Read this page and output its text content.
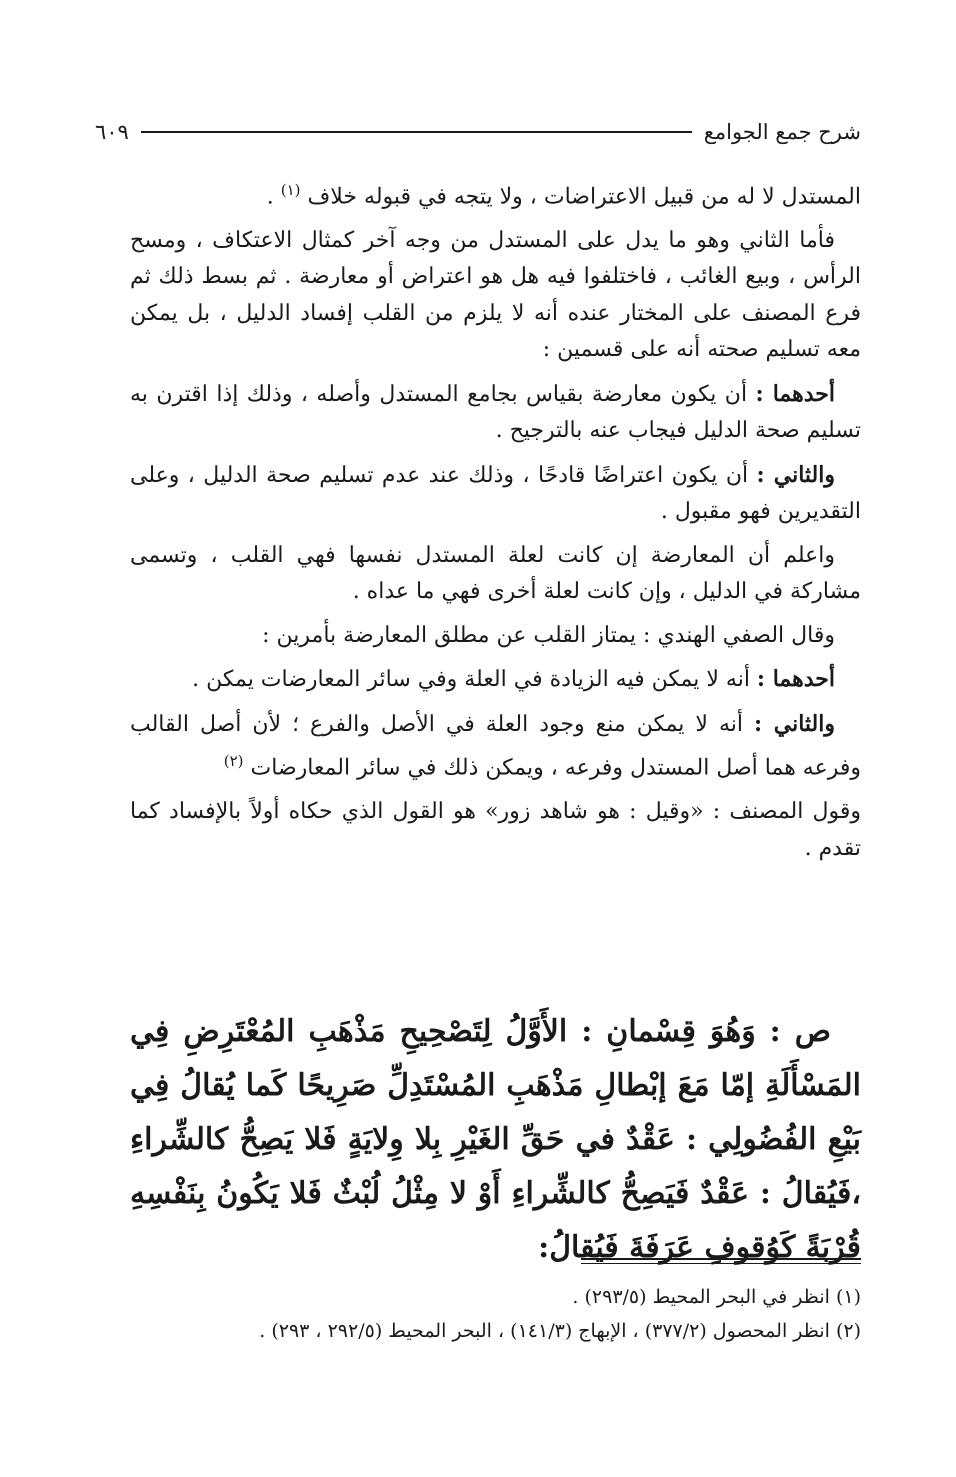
شرح جمع الجوامع
٦٠٩

المستدل لا له من قبيل الاعتراضات ، ولا يتجه في قبوله خلاف $^{(١)}$ .

فأما الثاني وهو ما يدل على المستدل من وجه آخر كمثال الاعتكاف ، ومسح الرأس ، وبيع الغائب ، فاختلفوا فيه هل هو اعتراض أو معارضة . ثم بسط ذلك ثم فرع المصنف على المختار عنده أنه لا يلزم من القلب إفساد الدليل ، بل يمكن معه تسليم صحته أنه على قسمين :

أحدهما : أن يكون معارضة بقياس بجامع المستدل وأصله ، وذلك إذا اقترن به تسليم صحة الدليل فيجاب عنه بالترجيح .

والثاني : أن يكون اعتراضًا قادحًا ، وذلك عند عدم تسليم صحة الدليل ، وعلى التقديرين فهو مقبول .

واعلم أن المعارضة إن كانت لعلة المستدل نفسها فهي القلب ، وتسمى مشاركة في الدليل ، وإن كانت لعلة أخرى فهي ما عداه .

وقال الصفي الهندي : يمتاز القلب عن مطلق المعارضة بأمرين :

أحدهما : أنه لا يمكن فيه الزيادة في العلة وفي سائر المعارضات يمكن .

والثاني : أنه لا يمكن منع وجود العلة في الأصل والفرع ؛ لأن أصل القالب وفرعه هما أصل المستدل وفرعه ، ويمكن ذلك في سائر المعارضات $^{(٢)}$

وقول المصنف : «وقيل : هو شاهد زور» هو القول الذي حكاه أولاً بالإفساد كما تقدم .

ص : وَهُوَ قِسْمانِ : الأَوَّلُ لِتَصْحِيحِ مَذْهَبِ المُعْتَرِضِ فِي المَسْأَلَةِ إمّا مَعَ إبْطالِ مَذْهَبِ المُسْتَدِلِّ صَرِيحًا كَما يُقالُ فِي بَيْعِ الفُضُولِي : عَقْدٌ في حَقِّ الغَيْرِ بِلا وِلايَةٍ فَلا يَصِحُّ كالشِّراءِ ،فَيُقالُ : عَقْدٌ فَيَصِحُّ كالشِّراءِ أَوْ لا مِثْلُ لُبْثٌ فَلا يَكُونُ بِنَفْسِهِ قُرْبَةً كَوُقوفِ عَرَفَةَ فَيُقالُ:

(١) انظر في البحر المحيط (٢٩٣/٥) .

(٢) انظر المحصول (٣٧٧/٢) ، الإبهاج (١٤١/٣) ، البحر المحيط (٢٩٢/٥ ، ٢٩٣) .
